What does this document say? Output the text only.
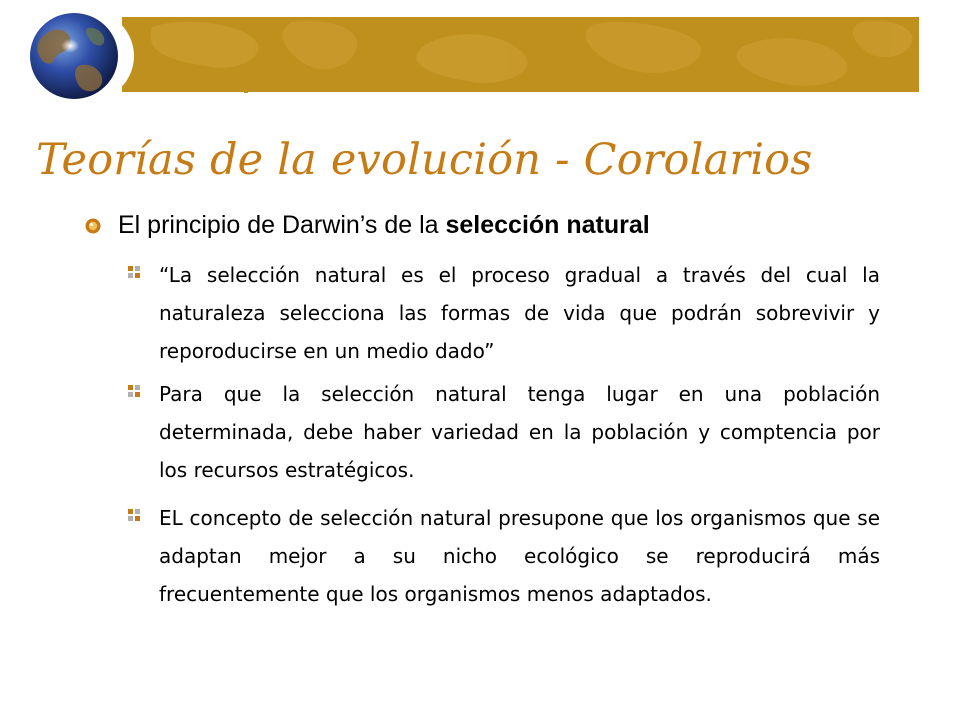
Teorías de la evolución - Corolarios
El principio de Darwin’s de la selección natural
“La selección natural es el proceso gradual a través del cual la naturaleza selecciona las formas de vida que podrán sobrevivir y reporoducirse en un medio dado”
Para que la selección natural tenga lugar en una población determinada, debe haber variedad en la población y comptencia por los recursos estratégicos.
EL concepto de selección natural presupone que los organismos que se adaptan mejor a su nicho ecológico se reproducirá más frecuentemente que los organismos menos adaptados.
